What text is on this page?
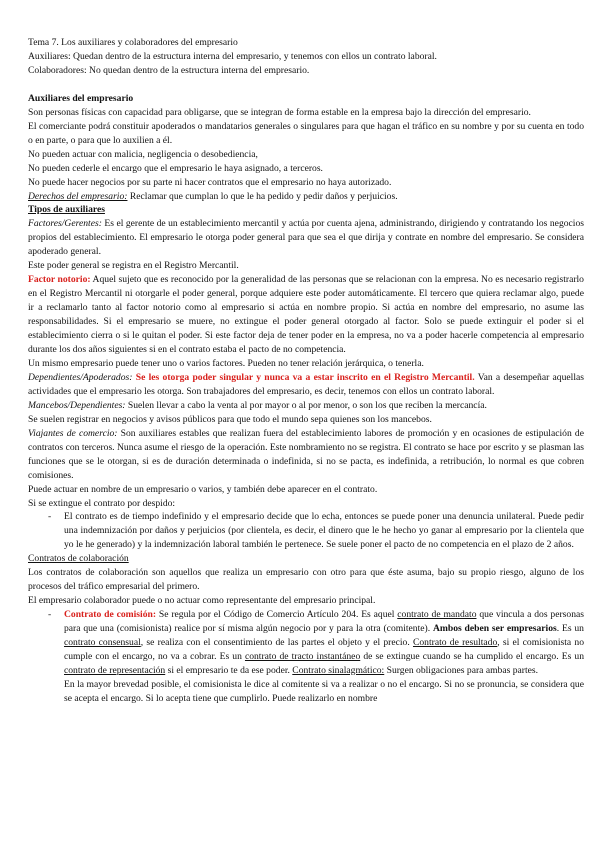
Tema 7. Los auxiliares y colaboradores del empresario

Auxiliares: Quedan dentro de la estructura interna del empresario, y tenemos con ellos un contrato laboral.

Colaboradores: No quedan dentro de la estructura interna del empresario.

Auxiliares del empresario

Son personas físicas con capacidad para obligarse, que se integran de forma estable en la empresa bajo la dirección del empresario.

El comerciante podrá constituir apoderados o mandatarios generales o singulares para que hagan el tráfico en su nombre y por su cuenta en todo o en parte, o para que lo auxilien a él.

No pueden actuar con malicia, negligencia o desobediencia,

No pueden cederle el encargo que el empresario le haya asignado, a terceros.

No puede hacer negocios por su parte ni hacer contratos que el empresario no haya autorizado.

Derechos del empresario: Reclamar que cumplan lo que le ha pedido y pedir daños y perjuicios.

Tipos de auxiliares

Factores/Gerentes: Es el gerente de un establecimiento mercantil y actúa por cuenta ajena, administrando, dirigiendo y contratando los negocios propios del establecimiento. El empresario le otorga poder general para que sea el que dirija y contrate en nombre del empresario. Se considera apoderado general.

Este poder general se registra en el Registro Mercantil.

Factor notorio: Aquel sujeto que es reconocido por la generalidad de las personas que se relacionan con la empresa. No es necesario registrarlo en el Registro Mercantil ni otorgarle el poder general, porque adquiere este poder automáticamente. El tercero que quiera reclamar algo, puede ir a reclamarlo tanto al factor notorio como al empresario si actúa en nombre propio. Si actúa en nombre del empresario, no asume las responsabilidades. Si el empresario se muere, no extingue el poder general otorgado al factor. Solo se puede extinguir el poder si el establecimiento cierra o si le quitan el poder. Si este factor deja de tener poder en la empresa, no va a poder hacerle competencia al empresario durante los dos años siguientes si en el contrato estaba el pacto de no competencia.

Un mismo empresario puede tener uno o varios factores. Pueden no tener relación jerárquica, o tenerla.

Dependientes/Apoderados: Se les otorga poder singular y nunca va a estar inscrito en el Registro Mercantil. Van a desempeñar aquellas actividades que el empresario les otorga. Son trabajadores del empresario, es decir, tenemos con ellos un contrato laboral.

Mancebos/Dependientes: Suelen llevar a cabo la venta al por mayor o al por menor, o son los que reciben la mercancía.

Se suelen registrar en negocios y avisos públicos para que todo el mundo sepa quienes son los mancebos.

Viajantes de comercio: Son auxiliares estables que realizan fuera del establecimiento labores de promoción y en ocasiones de estipulación de contratos con terceros. Nunca asume el riesgo de la operación. Este nombramiento no se registra. El contrato se hace por escrito y se plasman las funciones que se le otorgan, si es de duración determinada o indefinida, si no se pacta, es indefinida, a retribución, lo normal es que cobren comisiones.

Puede actuar en nombre de un empresario o varios, y también debe aparecer en el contrato.

Si se extingue el contrato por despido:

- El contrato es de tiempo indefinido y el empresario decide que lo echa, entonces se puede poner una denuncia unilateral. Puede pedir una indemnización por daños y perjuicios (por clientela, es decir, el dinero que le he hecho yo ganar al empresario por la clientela que yo le he generado) y la indemnización laboral también le pertenece. Se suele poner el pacto de no competencia en el plazo de 2 años.

Contratos de colaboración

Los contratos de colaboración son aquellos que realiza un empresario con otro para que éste asuma, bajo su propio riesgo, alguno de los procesos del tráfico empresarial del primero.

El empresario colaborador puede o no actuar como representante del empresario principal.

- Contrato de comisión: Se regula por el Código de Comercio Artículo 204. Es aquel contrato de mandato que vincula a dos personas para que una (comisionista) realice por sí misma algún negocio por y para la otra (comitente). Ambos deben ser empresarios. Es un contrato consensual, se realiza con el consentimiento de las partes el objeto y el precio. Contrato de resultado, si el comisionista no cumple con el encargo, no va a cobrar. Es un contrato de tracto instantáneo de se extingue cuando se ha cumplido el encargo. Es un contrato de representación si el empresario te da ese poder. Contrato sinalagmático: Surgen obligaciones para ambas partes.

En la mayor brevedad posible, el comisionista le dice al comitente si va a realizar o no el encargo. Si no se pronuncia, se considera que se acepta el encargo. Si lo acepta tiene que cumplirlo. Puede realizarlo en nombre
